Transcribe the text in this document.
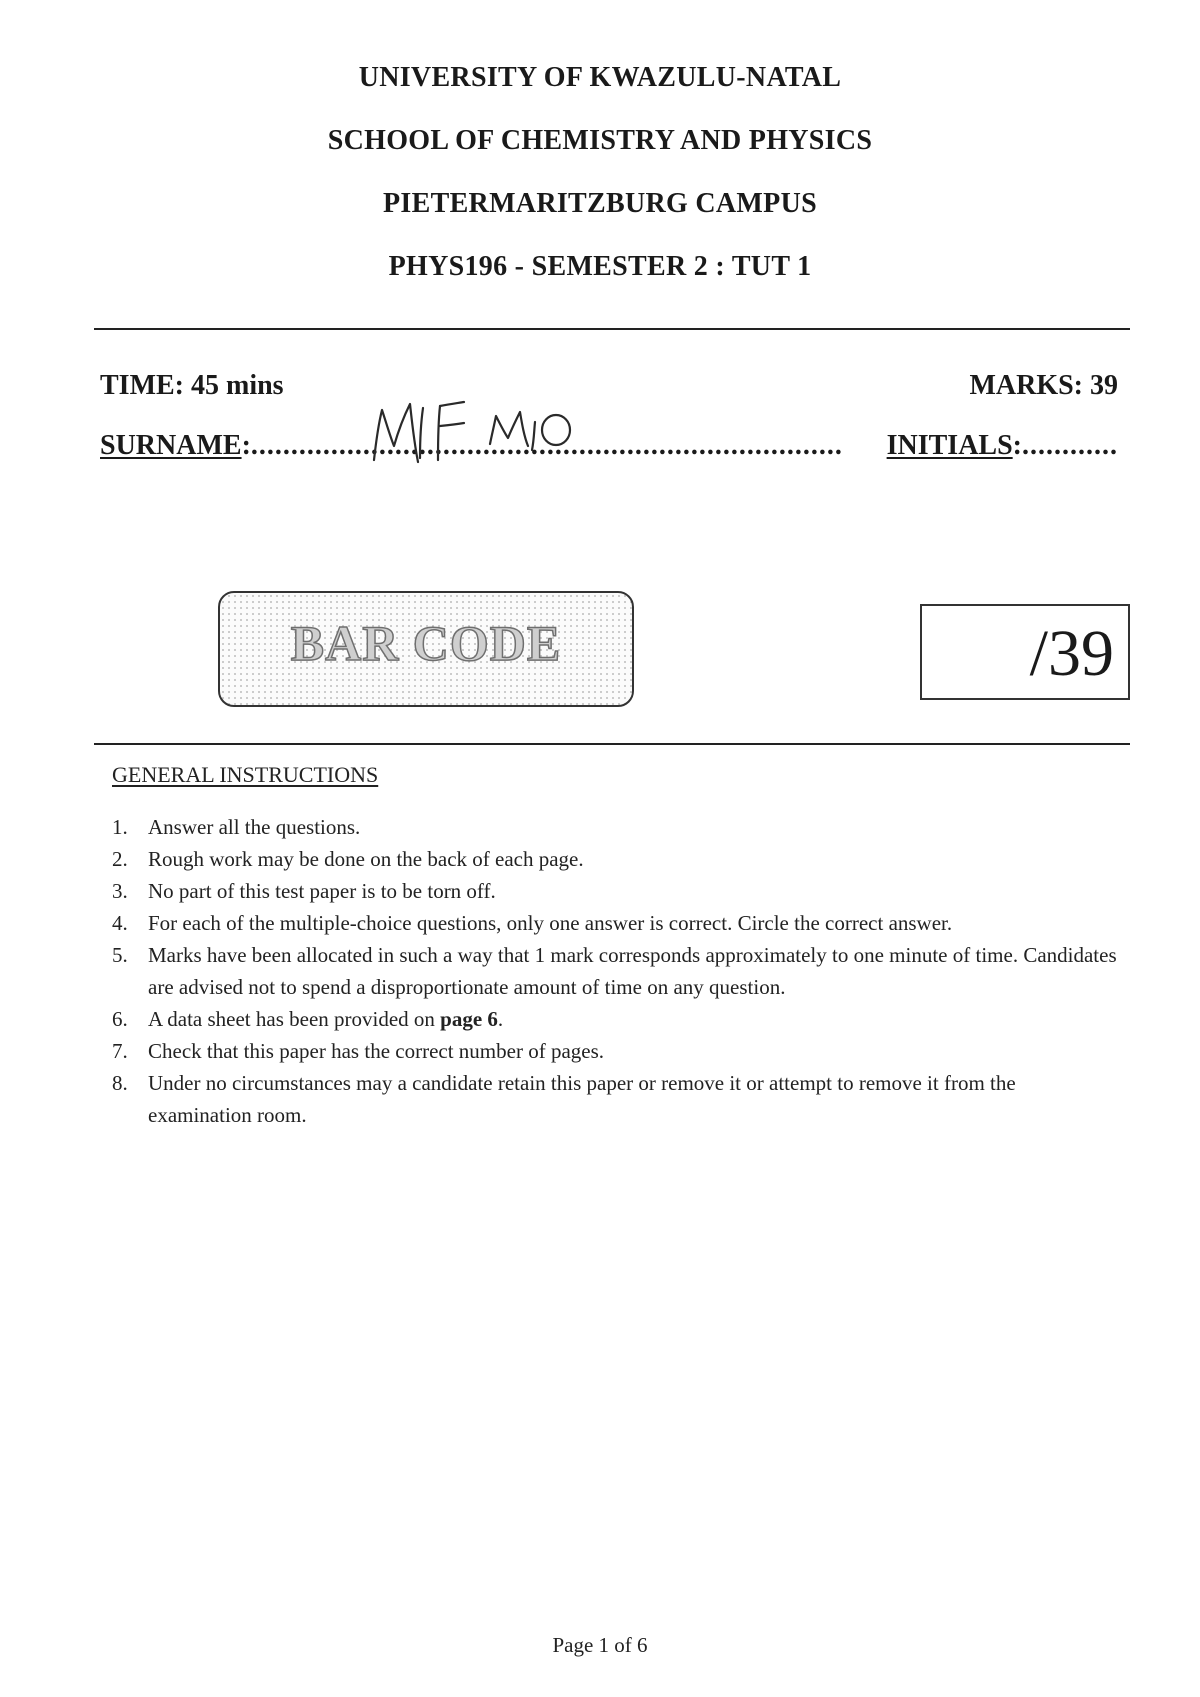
UNIVERSITY OF KWAZULU-NATAL
SCHOOL OF CHEMISTRY AND PHYSICS
PIETERMARITZBURG CAMPUS
PHYS196 - SEMESTER 2 : TUT 1
TIME: 45 mins	MARKS: 39
SURNAME:.......................................................................... INITIALS:............
BAR CODE	/39
GENERAL INSTRUCTIONS
1. Answer all the questions.
2. Rough work may be done on the back of each page.
3. No part of this test paper is to be torn off.
4. For each of the multiple-choice questions, only one answer is correct. Circle the correct answer.
5. Marks have been allocated in such a way that 1 mark corresponds approximately to one minute of time. Candidates are advised not to spend a disproportionate amount of time on any question.
6. A data sheet has been provided on page 6.
7. Check that this paper has the correct number of pages.
8. Under no circumstances may a candidate retain this paper or remove it or attempt to remove it from the examination room.
Page 1 of 6
